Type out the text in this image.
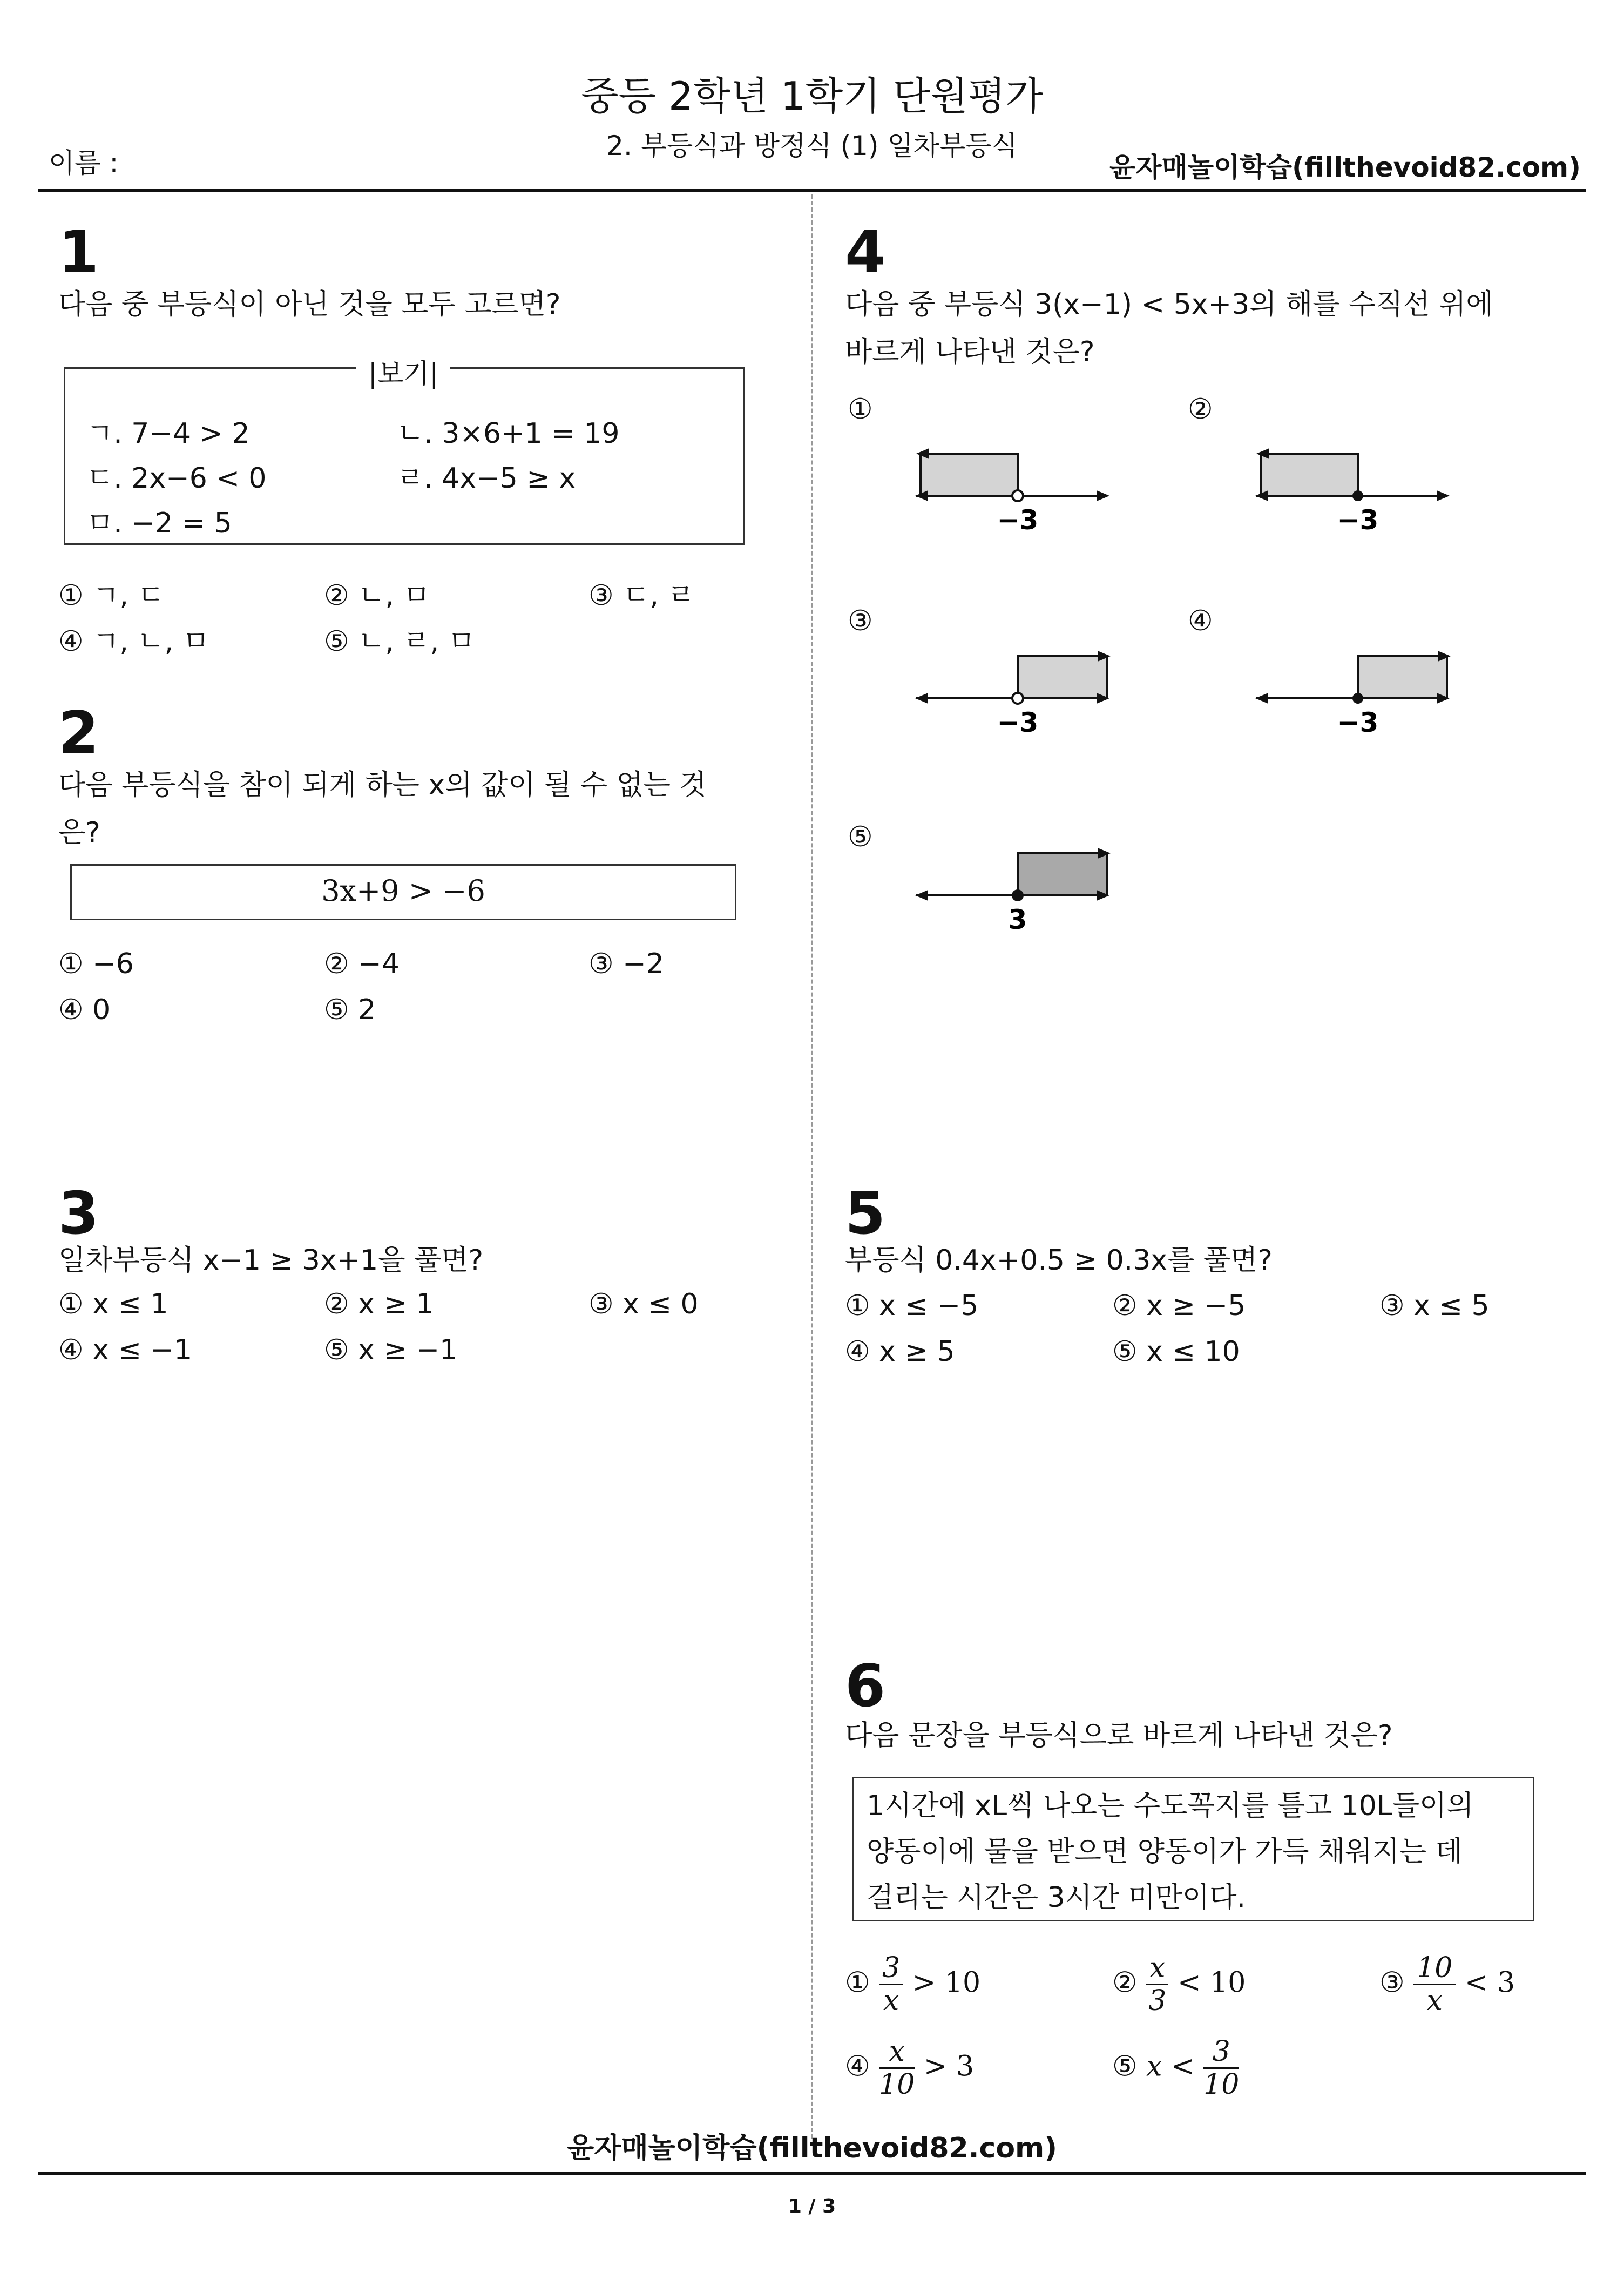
중등 2학년 1학기 단원평가
2. 부등식과 방정식 (1) 일차부등식
이름 :	윤자매놀이학습(fillthevoid82.com)
1
다음 중 부등식이 아닌 것을 모두 고르면?
|보기|
ㄱ. 7−4 > 2	ㄴ. 3×6+1 = 19
ㄷ. 2x−6 < 0	ㄹ. 4x−5 ≥ x
ㅁ. −2 = 5
① ㄱ, ㄷ	② ㄴ, ㅁ	③ ㄷ, ㄹ
④ ㄱ, ㄴ, ㅁ	⑤ ㄴ, ㄹ, ㅁ
2
다음 부등식을 참이 되게 하는 x의 값이 될 수 없는 것
은?
3x+9 > −6
① −6	② −4	③ −2
④ 0	⑤ 2
3
일차부등식 x−1 ≥ 3x+1을 풀면?
① x ≤ 1	② x ≥ 1	③ x ≤ 0
④ x ≤ −1	⑤ x ≥ −1
4
다음 중 부등식 3(x−1) < 5x+3의 해를 수직선 위에
바르게 나타낸 것은?
①
−3
②
−3
③
−3
④
−3
⑤
3
5
부등식 0.4x+0.5 ≥ 0.3x를 풀면?
① x ≤ −5	② x ≥ −5	③ x ≤ 5
④ x ≥ 5	⑤ x ≤ 10
6
다음 문장을 부등식으로 바르게 나타낸 것은?
1시간에 xL씩 나오는 수도꼭지를 틀고 10L들이의
양동이에 물을 받으면 양동이가 가득 채워지는 데
걸리는 시간은 3시간 미만이다.
① $\frac{3}{x} > 10$	② $\frac{x}{3} < 10$	③ $\frac{10}{x} < 3$
④ $\frac{x}{10} > 3$	⑤ $x < \frac{3}{10}$
윤자매놀이학습(fillthevoid82.com)
1 / 3
